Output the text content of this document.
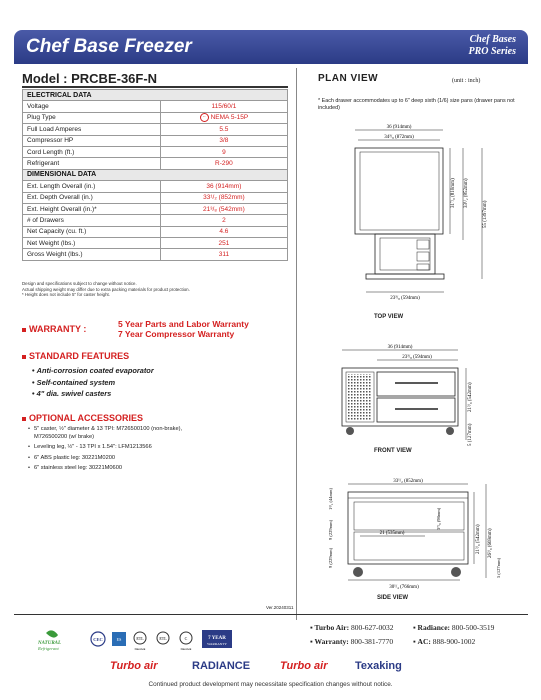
Chef Base Freezer	Chef Bases
PRO Series
Model : PRCBE-36F-N
ELECTRICAL DATA	
Voltage	115/60/1
Plug Type	·· NEMA 5-15P
Full Load Amperes	5.5
Compressor HP	3/8
Cord Length (ft.)	9
Refrigerant	R-290
DIMENSIONAL DATA	
Ext. Length Overall (in.)	36 (914mm)
Ext. Depth Overall (in.)	33¹/₂ (852mm)
Ext. Height Overall (in.)*	21³/₈ (542mm)
# of Drawers	2
Net Capacity (cu. ft.)	4.6
Net Weight (lbs.)	251
Gross Weight (lbs.)	311
Design and specifications subject to change without notice.
Actual shipping weight may differ due to extra packing materials for product protection.
* Height does not include 5" for caster height.
WARRANTY :	5 Year Parts and Labor Warranty
7 Year Compressor Warranty
STANDARD FEATURES
• Anti-corrosion coated evaporator
• Self-contained system
• 4" dia. swivel casters
OPTIONAL ACCESSORIES
• 5" caster, ½" diameter & 13 TPI: M726500100 (non-brake),
M726500200 (w/ brake)
• Leveling leg, ½" - 13 TPI x 1.54": LFM1213566
• 6" ABS plastic leg: 30221M0200
• 6" stainless steel leg: 30221M0600
PLAN VIEW	(unit : inch)
* Each drawer accommodates up to 6" deep sixth (1/6) size pans (drawer pans not included)
36 (914mm)
34³/₈ (872mm)
31⁷/₈ (810mm) 33¹/₂ (852mm)
55 (1397mm)
23³/₈ (594mm)
TOP VIEW
36 (914mm)
23³/₈ (594mm)
21³/₈ (542mm)
5 (127mm)
FRONT VIEW
33¹/₂ (852mm)
1³/₄ (44mm)
9 (229mm)
9 (229mm)
21 (535mm)
3⁷/₈ (98mm)
21³/₈ (542mm) 26³/₈ (669mm)
30¹/₄ (766mm)
5 (127mm)
SIDE VIEW
Ver.20240311
NATURAL
Refrigerant
CEC	ES	ETL
Intertek
ETL	C
Intertek
7 YEAR
WARRANTY
▪ Turbo Air: 800-627-0032	▪ Radiance: 800-500-3519
▪ Warranty: 800-381-7770	▪ AC: 888-900-1002
Turbo air	RADIANCE	Turbo air	Texaking
Continued product development may necessitate specification changes without notice.
